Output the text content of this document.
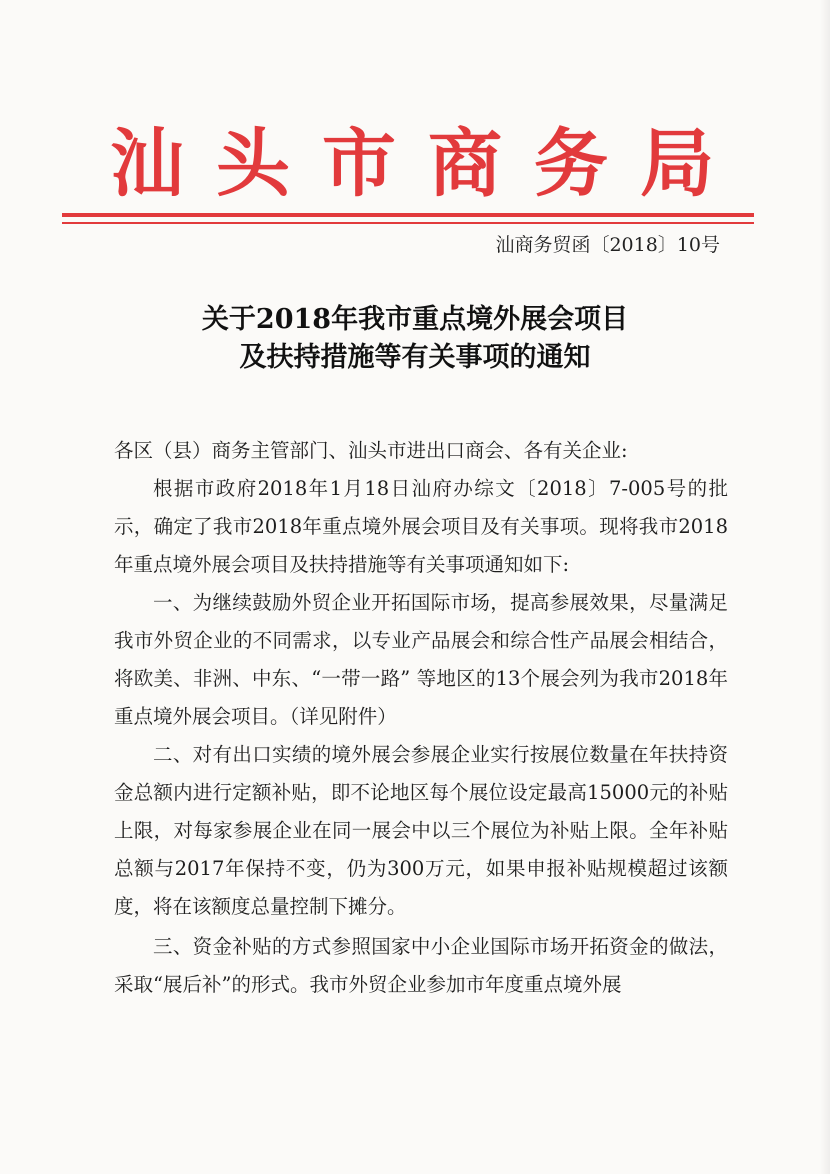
汕 头 市 商 务 局
汕商务贸函〔2018〕10号
关于2018年我市重点境外展会项目
及扶持措施等有关事项的通知

各区（县）商务主管部门、汕头市进出口商会、各有关企业:

根据市政府2018年1月18日汕府办综文〔2018〕7-005号的批示，确定了我市2018年重点境外展会项目及有关事项。现将我市2018年重点境外展会项目及扶持措施等有关事项通知如下:

一、为继续鼓励外贸企业开拓国际市场，提高参展效果，尽量满足我市外贸企业的不同需求，以专业产品展会和综合性产品展会相结合，将欧美、非洲、中东、“一带一路” 等地区的13个展会列为我市2018年重点境外展会项目。（详见附件）

二、对有出口实绩的境外展会参展企业实行按展位数量在年扶持资金总额内进行定额补贴，即不论地区每个展位设定最高15000元的补贴上限，对每家参展企业在同一展会中以三个展位为补贴上限。全年补贴总额与2017年保持不变，仍为300万元，如果申报补贴规模超过该额度，将在该额度总量控制下摊分。

三、资金补贴的方式参照国家中小企业国际市场开拓资金的做法，采取“展后补”的形式。我市外贸企业参加市年度重点境外展
